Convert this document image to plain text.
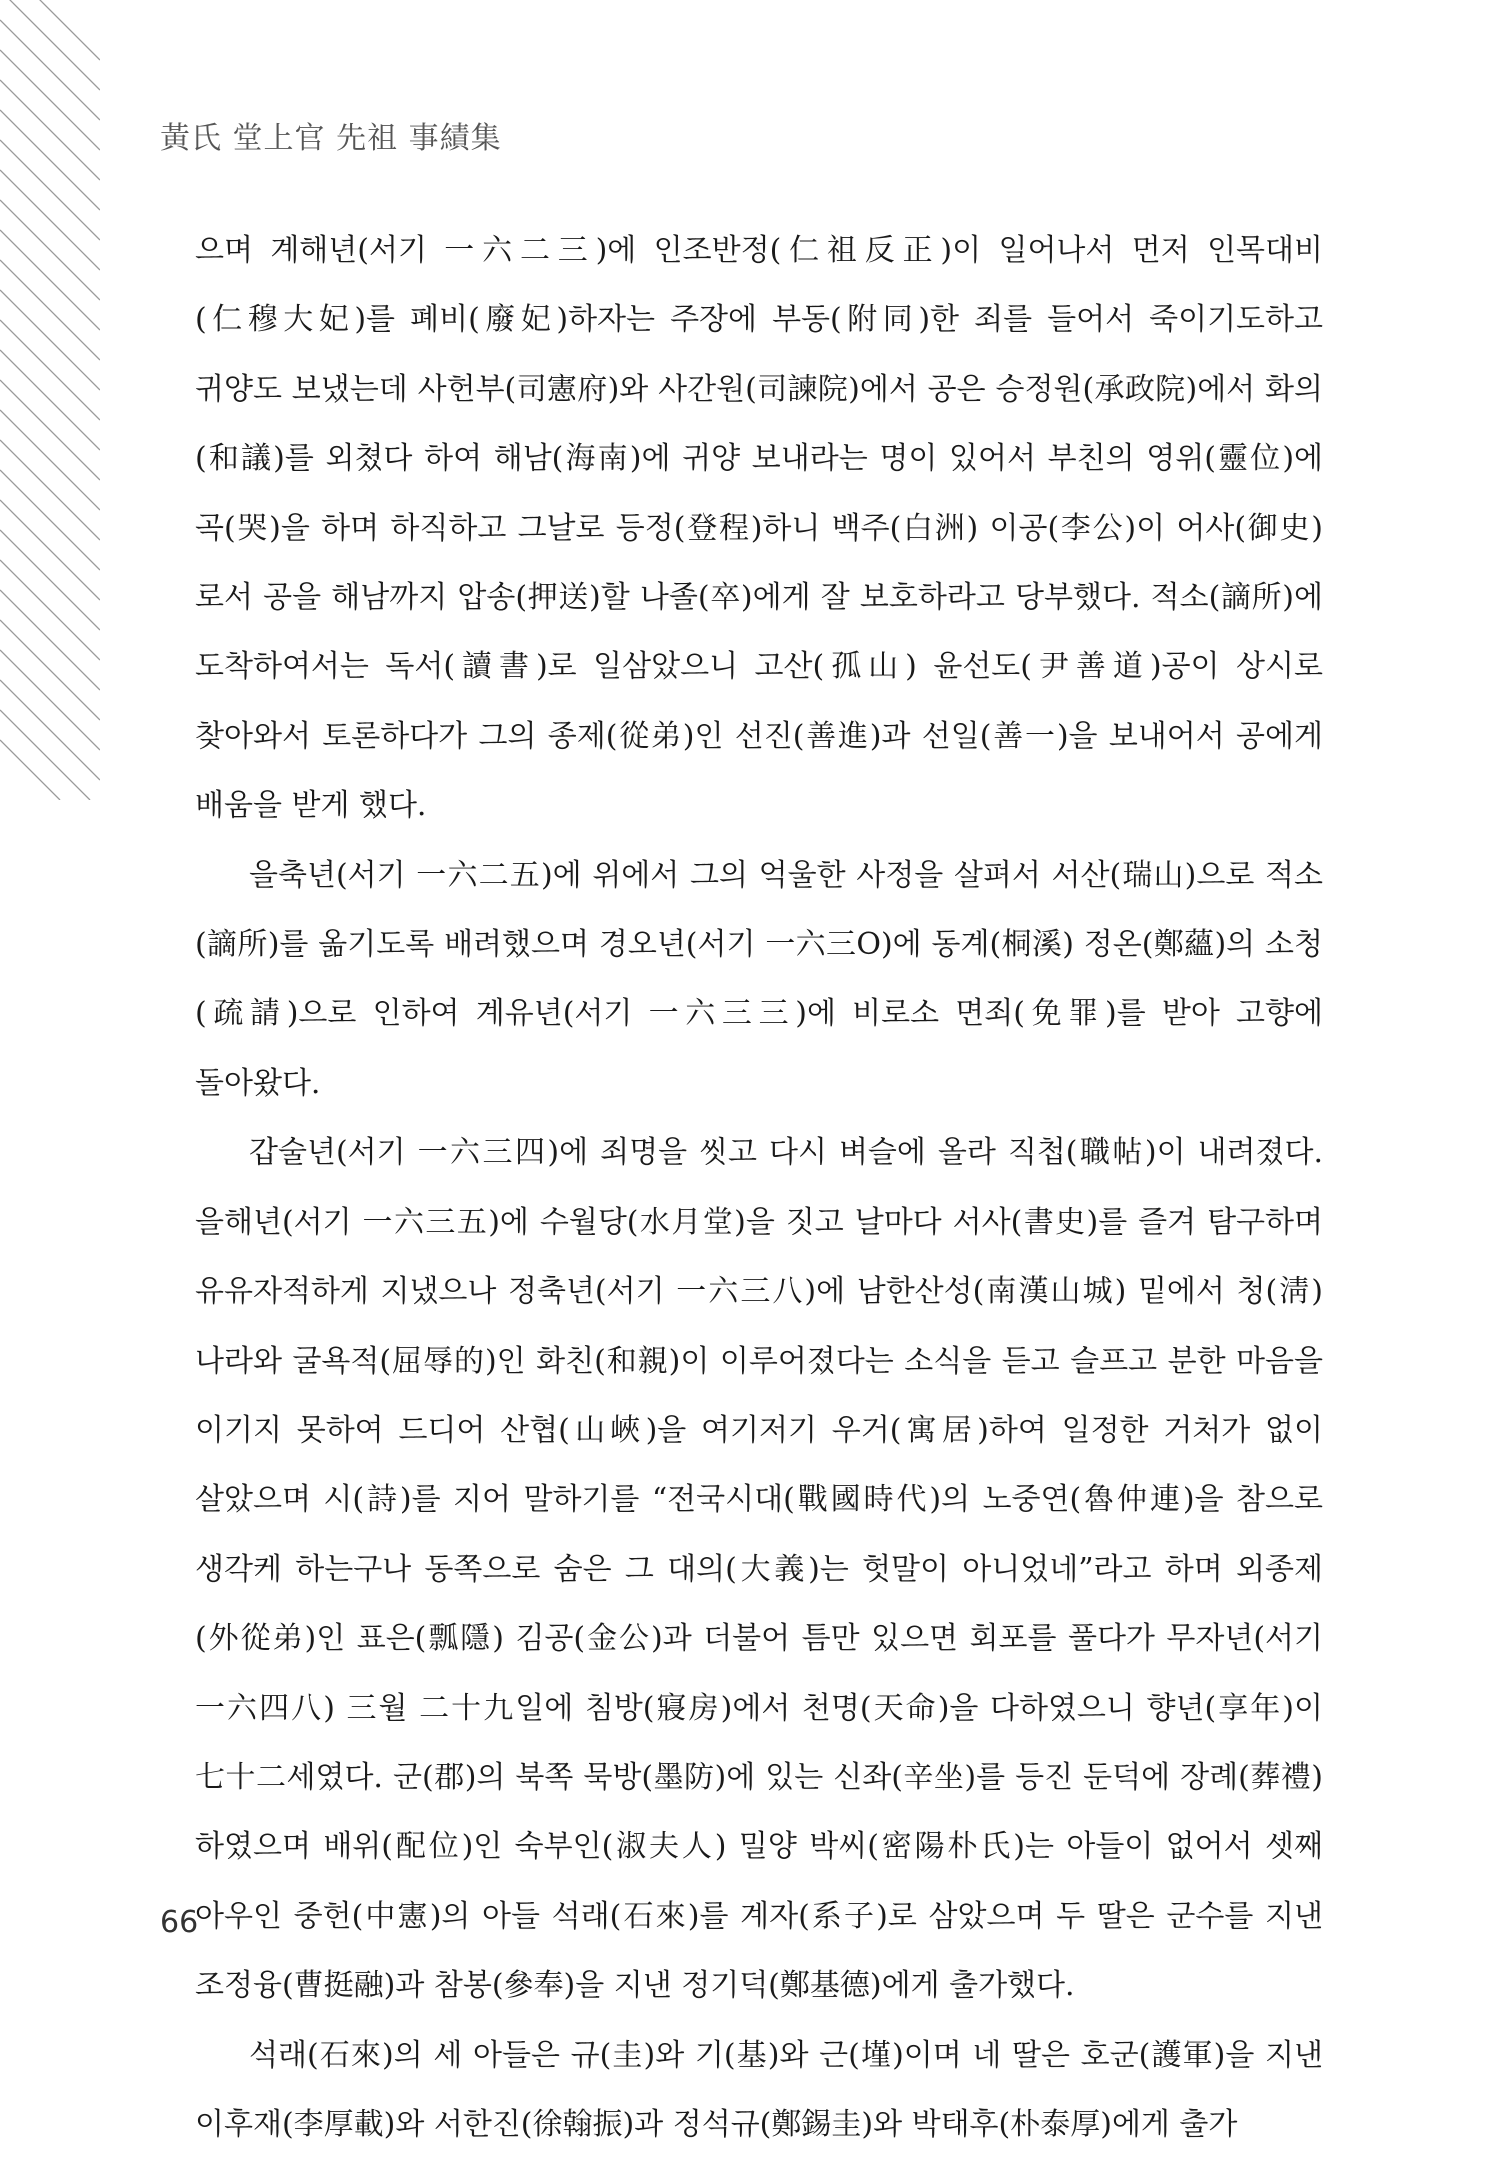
黃氏 堂上官 先祖 事績集

으며 계해년(서기 一六二三)에 인조반정(仁祖反正)이 일어나서 먼저 인목대비(仁穆大妃)를 폐비(廢妃)하자는 주장에 부동(附同)한 죄를 들어서 죽이기도하고 귀양도 보냈는데 사헌부(司憲府)와 사간원(司諫院)에서 공은 승정원(承政院)에서 화의(和議)를 외쳤다 하여 해남(海南)에 귀양 보내라는 명이 있어서 부친의 영위(靈位)에 곡(哭)을 하며 하직하고 그날로 등정(登程)하니 백주(白洲) 이공(李公)이 어사(御史)로서 공을 해남까지 압송(押送)할 나졸(卒)에게 잘 보호하라고 당부했다. 적소(謫所)에 도착하여서는 독서(讀書)로 일삼았으니 고산(孤山) 윤선도(尹善道)공이 상시로 찾아와서 토론하다가 그의 종제(從弟)인 선진(善進)과 선일(善一)을 보내어서 공에게 배움을 받게 했다.

을축년(서기 一六二五)에 위에서 그의 억울한 사정을 살펴서 서산(瑞山)으로 적소(謫所)를 옮기도록 배려했으며 경오년(서기 一六三O)에 동계(桐溪) 정온(鄭蘊)의 소청(疏請)으로 인하여 계유년(서기 一六三三)에 비로소 면죄(免罪)를 받아 고향에 돌아왔다.

갑술년(서기 一六三四)에 죄명을 씻고 다시 벼슬에 올라 직첩(職帖)이 내려졌다. 을해년(서기 一六三五)에 수월당(水月堂)을 짓고 날마다 서사(書史)를 즐겨 탐구하며 유유자적하게 지냈으나 정축년(서기 一六三八)에 남한산성(南漢山城) 밑에서 청(淸)나라와 굴욕적(屈辱的)인 화친(和親)이 이루어졌다는 소식을 듣고 슬프고 분한 마음을 이기지 못하여 드디어 산협(山峽)을 여기저기 우거(寓居)하여 일정한 거처가 없이 살았으며 시(詩)를 지어 말하기를 “전국시대(戰國時代)의 노중연(魯仲連)을 참으로 생각케 하는구나 동쪽으로 숨은 그 대의(大義)는 헛말이 아니었네”라고 하며 외종제(外從弟)인 표은(瓢隱) 김공(金公)과 더불어 틈만 있으면 회포를 풀다가 무자년(서기 一六四八) 三월 二十九일에 침방(寢房)에서 천명(天命)을 다하였으니 향년(享年)이 七十二세였다. 군(郡)의 북쪽 묵방(墨防)에 있는 신좌(辛坐)를 등진 둔덕에 장례(葬禮)하였으며 배위(配位)인 숙부인(淑夫人) 밀양 박씨(密陽朴氏)는 아들이 없어서 셋째 아우인 중헌(中憲)의 아들 석래(石來)를 계자(系子)로 삼았으며 두 딸은 군수를 지낸 조정융(曹挺融)과 참봉(參奉)을 지낸 정기덕(鄭基德)에게 출가했다.

석래(石來)의 세 아들은 규(圭)와 기(基)와 근(墐)이며 네 딸은 호군(護軍)을 지낸 이후재(李厚載)와 서한진(徐翰振)과 정석규(鄭錫圭)와 박태후(朴泰厚)에게 출가

66
